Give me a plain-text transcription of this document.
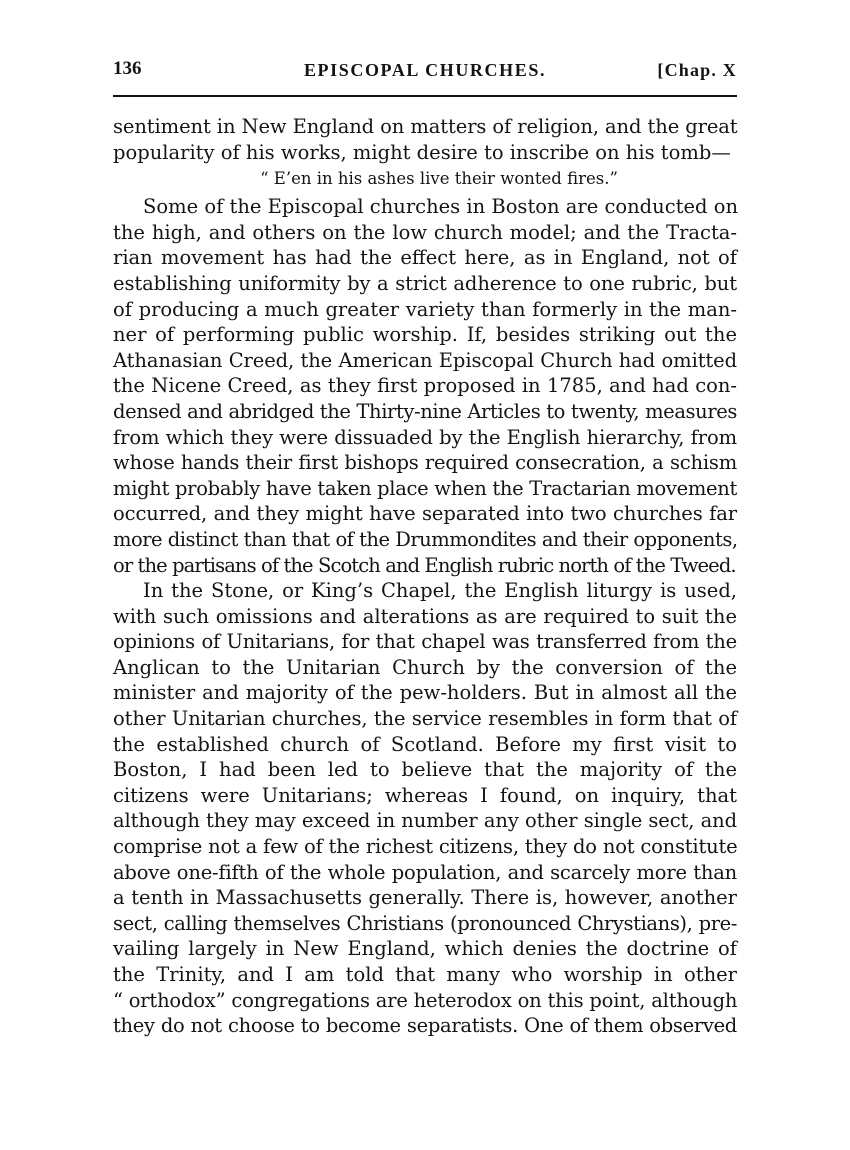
136	EPISCOPAL CHURCHES.	[Chap. X
sentiment in New England on matters of religion, and the great
popularity of his works, might desire to inscribe on his tomb—
“ E’en in his ashes live their wonted fires.”
Some of the Episcopal churches in Boston are conducted on
the high, and others on the low church model; and the Tracta-
rian movement has had the effect here, as in England, not of
establishing uniformity by a strict adherence to one rubric, but
of producing a much greater variety than formerly in the man-
ner of performing public worship. If, besides striking out the
Athanasian Creed, the American Episcopal Church had omitted
the Nicene Creed, as they first proposed in 1785, and had con-
densed and abridged the Thirty-nine Articles to twenty, measures
from which they were dissuaded by the English hierarchy, from
whose hands their first bishops required consecration, a schism
might probably have taken place when the Tractarian movement
occurred, and they might have separated into two churches far
more distinct than that of the Drummondites and their opponents,
or the partisans of the Scotch and English rubric north of the Tweed.
In the Stone, or King’s Chapel, the English liturgy is used,
with such omissions and alterations as are required to suit the
opinions of Unitarians, for that chapel was transferred from the
Anglican to the Unitarian Church by the conversion of the
minister and majority of the pew-holders. But in almost all the
other Unitarian churches, the service resembles in form that of
the established church of Scotland. Before my first visit to
Boston, I had been led to believe that the majority of the
citizens were Unitarians; whereas I found, on inquiry, that
although they may exceed in number any other single sect, and
comprise not a few of the richest citizens, they do not constitute
above one-fifth of the whole population, and scarcely more than
a tenth in Massachusetts generally. There is, however, another
sect, calling themselves Christians (pronounced Chrystians), pre-
vailing largely in New England, which denies the doctrine of
the Trinity, and I am told that many who worship in other
“ orthodox” congregations are heterodox on this point, although
they do not choose to become separatists. One of them observed
